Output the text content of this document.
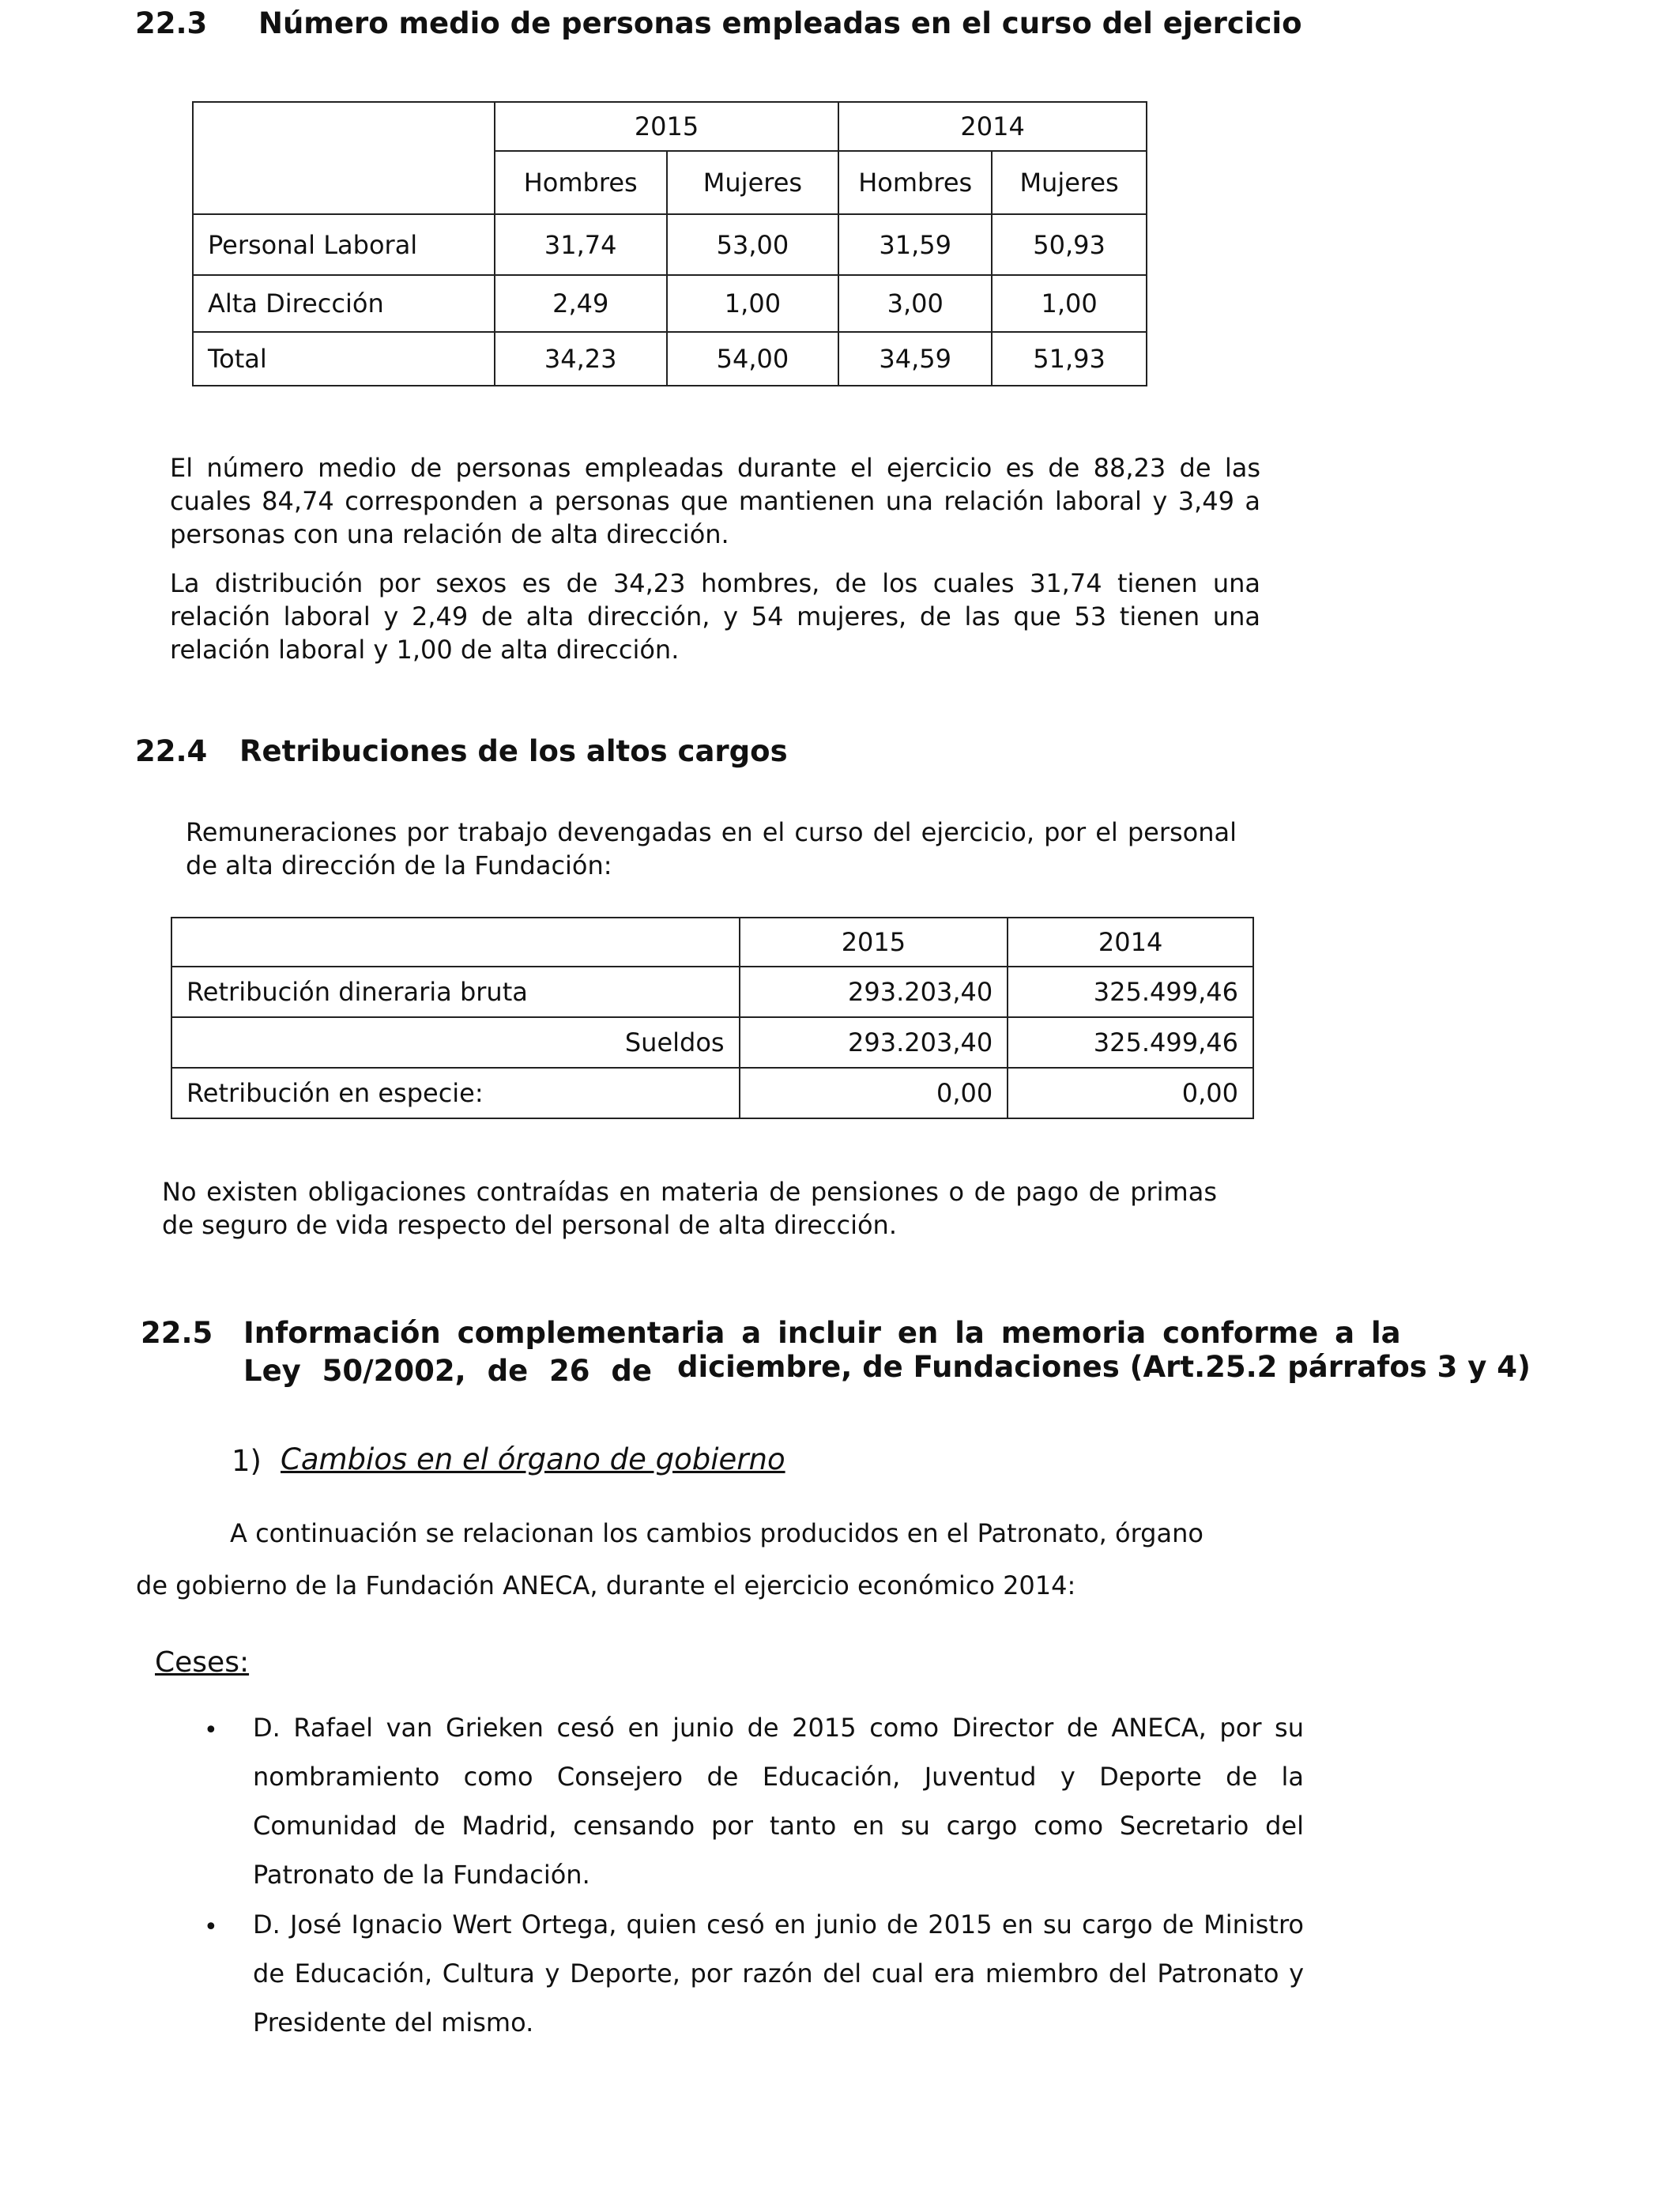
22.3 Número medio de personas empleadas en el curso del ejercicio
	2015		2014	
	Hombres	Mujeres	Hombres	Mujeres
Personal Laboral	31,74	53,00	31,59	50,93
Alta Dirección	2,49	1,00	3,00	1,00
Total	34,23	54,00	34,59	51,93
El número medio de personas empleadas durante el ejercicio es de 88,23 de las cuales 84,74 corresponden a personas que mantienen una relación laboral y 3,49 a personas con una relación de alta dirección.
La distribución por sexos es de 34,23 hombres, de los cuales 31,74 tienen una relación laboral y 2,49 de alta dirección, y 54 mujeres, de las que 53 tienen una relación laboral y 1,00 de alta dirección.
22.4 Retribuciones de los altos cargos
Remuneraciones por trabajo devengadas en el curso del ejercicio, por el personal de alta dirección de la Fundación:
	2015	2014
Retribución dineraria bruta	293.203,40	325.499,46
Sueldos	293.203,40	325.499,46
Retribución en especie:	0,00	0,00
No existen obligaciones contraídas en materia de pensiones o de pago de primas de seguro de vida respecto del personal de alta dirección.
22.5 Información complementaria a incluir en la memoria conforme a la
Ley 50/2002, de 26 de diciembre, de Fundaciones (Art.25.2 párrafos 3 y 4)
1) Cambios en el órgano de gobierno
A continuación se relacionan los cambios producidos en el Patronato, órgano
de gobierno de la Fundación ANECA, durante el ejercicio económico 2014:
Ceses:
• D. Rafael van Grieken cesó en junio de 2015 como Director de ANECA, por su nombramiento como Consejero de Educación, Juventud y Deporte de la Comunidad de Madrid, censando por tanto en su cargo como Secretario del Patronato de la Fundación.
• D. José Ignacio Wert Ortega, quien cesó en junio de 2015 en su cargo de Ministro de Educación, Cultura y Deporte, por razón del cual era miembro del Patronato y Presidente del mismo.
